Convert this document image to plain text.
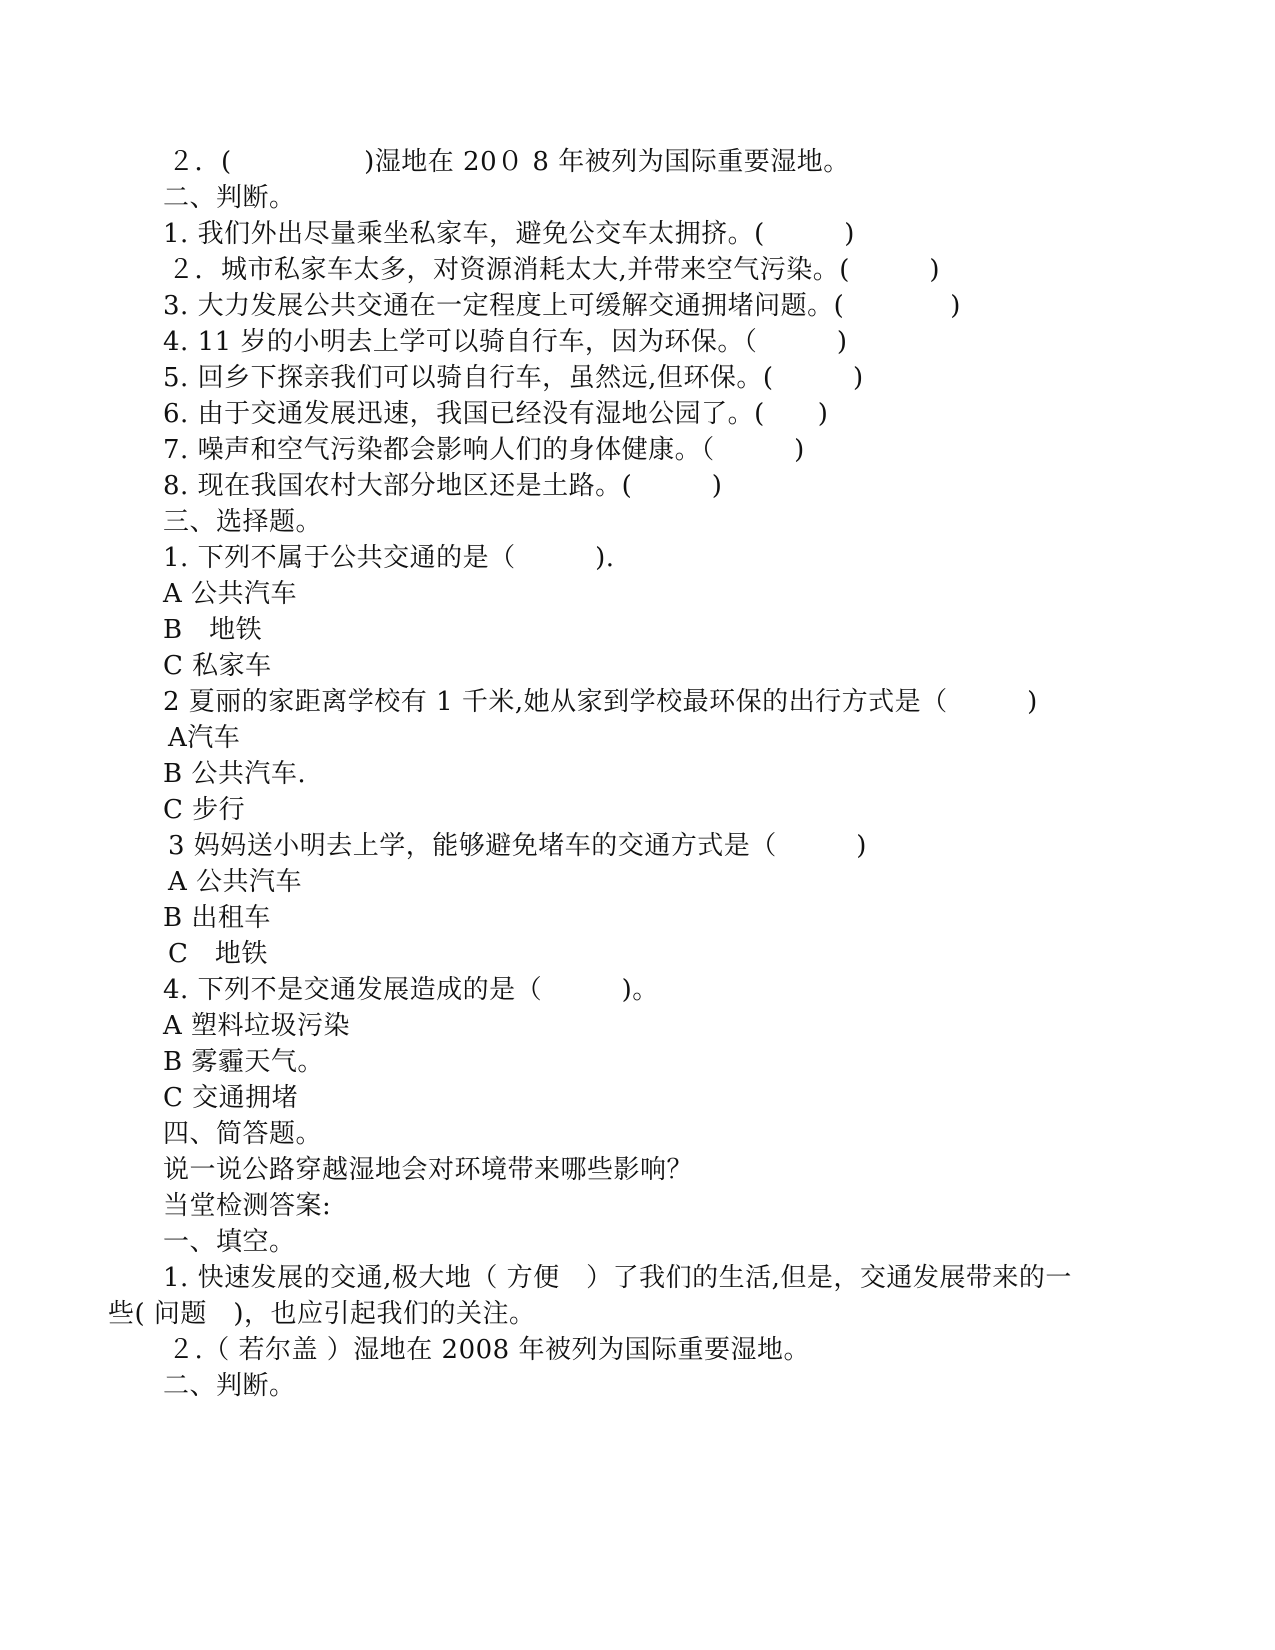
２．(　　　　　)湿地在 20０ 8 年被列为国际重要湿地。
二、判断。
1. 我们外出尽量乘坐私家车，避免公交车太拥挤。(　　　)
２．城市私家车太多，对资源消耗太大,并带来空气污染。(　　　)
3. 大力发展公共交通在一定程度上可缓解交通拥堵问题。(　　　　)
4. 11 岁的小明去上学可以骑自行车，因为环保。（　　　)
5. 回乡下探亲我们可以骑自行车，虽然远,但环保。(　　　)
6. 由于交通发展迅速，我国已经没有湿地公园了。(　　)
7. 噪声和空气污染都会影响人们的身体健康。（　　　)
8. 现在我国农村大部分地区还是土路。(　　　)
三、选择题。
1. 下列不属于公共交通的是（　　　).
A 公共汽车
B　地铁
C 私家车
2 夏丽的家距离学校有 1 千米,她从家到学校最环保的出行方式是（　　　)
A汽车
B 公共汽车.
C 步行
3 妈妈送小明去上学，能够避免堵车的交通方式是（　　　)
A 公共汽车
B 出租车
C　地铁
4. 下列不是交通发展造成的是（　　　)。
A 塑料垃圾污染
B 雾霾天气。
C 交通拥堵
四、简答题。
说一说公路穿越湿地会对环境带来哪些影响？
当堂检测答案:
一、填空。
1. 快速发展的交通,极大地（ 方便　）了我们的生活,但是，交通发展带来的一
些( 问题　)，也应引起我们的关注。
２.（ 若尔盖 ）湿地在 2008 年被列为国际重要湿地。
二、判断。
